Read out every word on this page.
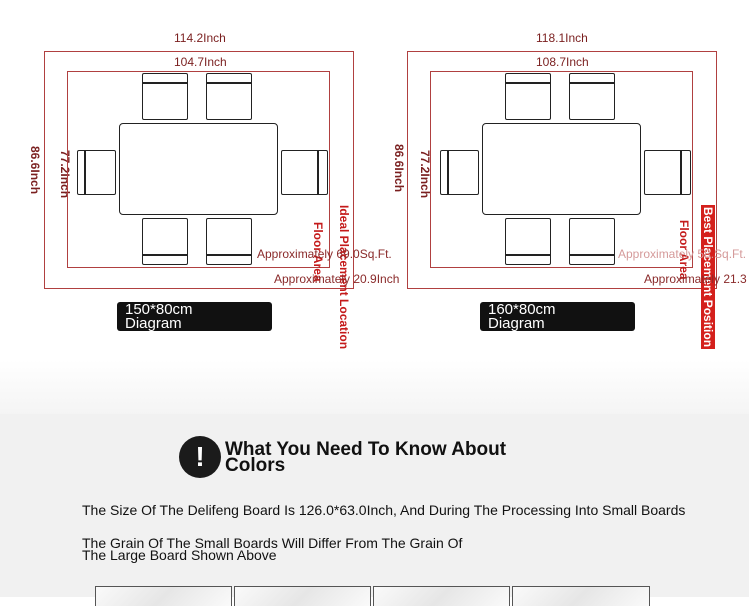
114.2Inch
104.7Inch
86.6Inch 77.2Inch
Floor Area Ideal Placement Location
Approximately 69.0Sq.Ft.
Approximately 20.9Inch
150*80cm
Diagram
118.1Inch
108.7Inch
86.6Inch 77.2Inch
Floor Area Best Placement Position
Approximately 58.Sq.Ft.
Approximately 21.3
160*80cm
Diagram
!	What You Need To Know About
Colors
The Size Of The Delifeng Board Is 126.0*63.0Inch, And During The Processing Into Small Boards
The Grain Of The Small Boards Will Differ From The Grain Of
The Large Board Shown Above
